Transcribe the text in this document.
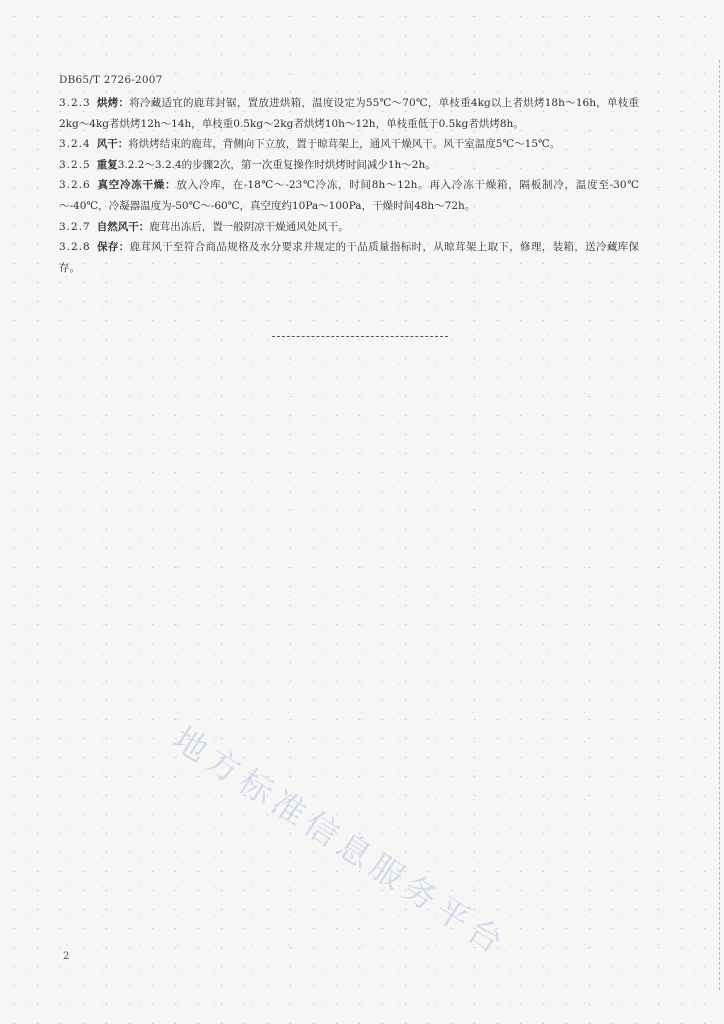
DB65/T 2726-2007

3.2.3 烘烤：将冷藏适宜的鹿茸封锯，置放进烘箱，温度设定为55℃～70℃，单枝重4kg以上者烘烤18h～16h，单枝重2kg～4kg者烘烤12h～14h，单枝重0.5kg～2kg者烘烤10h～12h，单枝重低于0.5kg者烘烤8h。

3.2.4 风干：将烘烤结束的鹿茸，背侧向下立放，置于晾茸架上，通风干燥风干。风干室温度5℃～15℃。

3.2.5 重复3.2.2～3.2.4的步骤2次，第一次重复操作时烘烤时间减少1h～2h。

3.2.6 真空冷冻干燥：放入冷库，在-18℃～-23℃冷冻，时间8h～12h。再入冷冻干燥箱，隔板制冷，温度至-30℃～-40℃，冷凝器温度为-50℃～-60℃，真空度约10Pa～100Pa，干燥时间48h～72h。

3.2.7 自然风干：鹿茸出冻后，置一般阴凉干燥通风处风干。

3.2.8 保存：鹿茸风干至符合商品规格及水分要求并规定的干品质量指标时，从晾茸架上取下，修理，装箱，送冷藏库保存。

地方标准信息服务平台
2
